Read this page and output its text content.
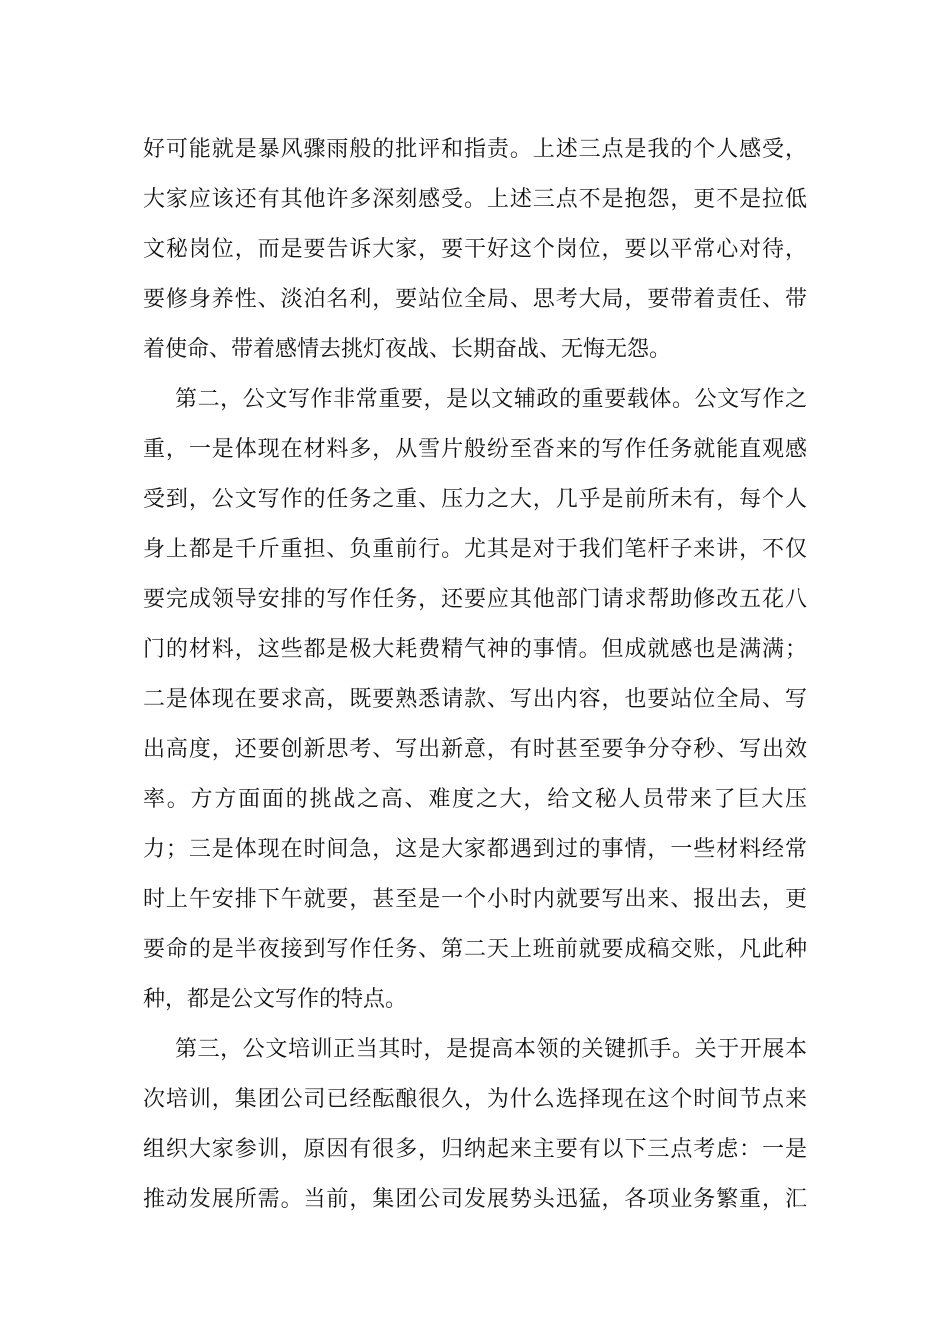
好可能就是暴风骤雨般的批评和指责。上述三点是我的个人感受，
大家应该还有其他许多深刻感受。上述三点不是抱怨，更不是拉低
文秘岗位，而是要告诉大家，要干好这个岗位，要以平常心对待，
要修身养性、淡泊名利，要站位全局、思考大局，要带着责任、带
着使命、带着感情去挑灯夜战、长期奋战、无悔无怨。
第二，公文写作非常重要，是以文辅政的重要载体。公文写作之
重，一是体现在材料多，从雪片般纷至沓来的写作任务就能直观感
受到，公文写作的任务之重、压力之大，几乎是前所未有，每个人
身上都是千斤重担、负重前行。尤其是对于我们笔杆子来讲，不仅
要完成领导安排的写作任务，还要应其他部门请求帮助修改五花八
门的材料，这些都是极大耗费精气神的事情。但成就感也是满满；
二是体现在要求高，既要熟悉请款、写出内容，也要站位全局、写
出高度，还要创新思考、写出新意，有时甚至要争分夺秒、写出效
率。方方面面的挑战之高、难度之大，给文秘人员带来了巨大压
力；三是体现在时间急，这是大家都遇到过的事情，一些材料经常
时上午安排下午就要，甚至是一个小时内就要写出来、报出去，更
要命的是半夜接到写作任务、第二天上班前就要成稿交账，凡此种
种，都是公文写作的特点。
第三，公文培训正当其时，是提高本领的关键抓手。关于开展本
次培训，集团公司已经酝酿很久，为什么选择现在这个时间节点来
组织大家参训，原因有很多，归纳起来主要有以下三点考虑：一是
推动发展所需。当前，集团公司发展势头迅猛，各项业务繁重，汇
